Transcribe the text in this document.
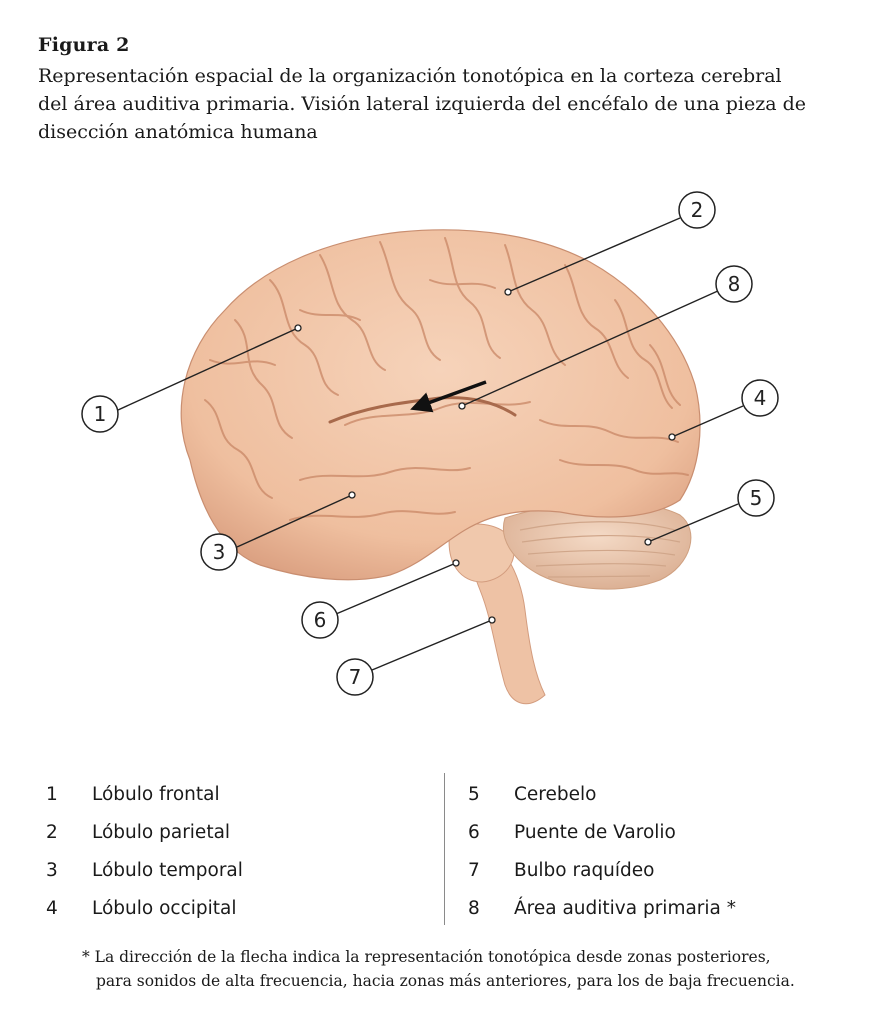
Figura 2
Representación espacial de la organización tonotópica en la corteza cerebral
del área auditiva primaria. Visión lateral izquierda del encéfalo de una pieza de
disección anatómica humana
1
2
3
4
5
6
7
8
1 Lóbulo frontal
2 Lóbulo parietal
3 Lóbulo temporal
4 Lóbulo occipital
5 Cerebelo
6 Puente de Varolio
7 Bulbo raquídeo
8 Área auditiva primaria *
* La dirección de la flecha indica la representación tonotópica desde zonas posteriores,
para sonidos de alta frecuencia, hacia zonas más anteriores, para los de baja frecuencia.
